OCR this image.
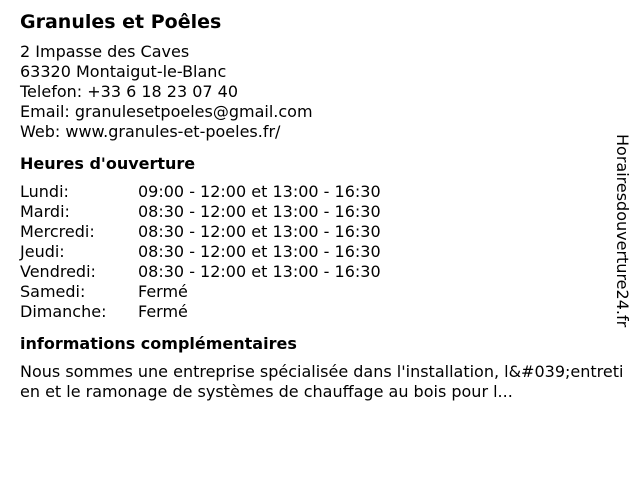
Granules et Poêles

2 Impasse des Caves

63320 Montaigut-le-Blanc

Telefon: +33 6 18 23 07 40

Email: granulesetpoeles@gmail.com

Web: www.granules-et-poeles.fr/

Heures d'ouverture
Lundi:	09:00 - 12:00 et 13:00 - 16:30
Mardi:	08:30 - 12:00 et 13:00 - 16:30
Mercredi:	08:30 - 12:00 et 13:00 - 16:30
Jeudi:	08:30 - 12:00 et 13:00 - 16:30
Vendredi:	08:30 - 12:00 et 13:00 - 16:30
Samedi:	Fermé
Dimanche:	Fermé
informations complémentaires

Nous sommes une entreprise spécialisée dans l'installation, l&#039;entretien et le ramonage de systèmes de chauffage au bois pour l...

Horairesdouverture24.fr
